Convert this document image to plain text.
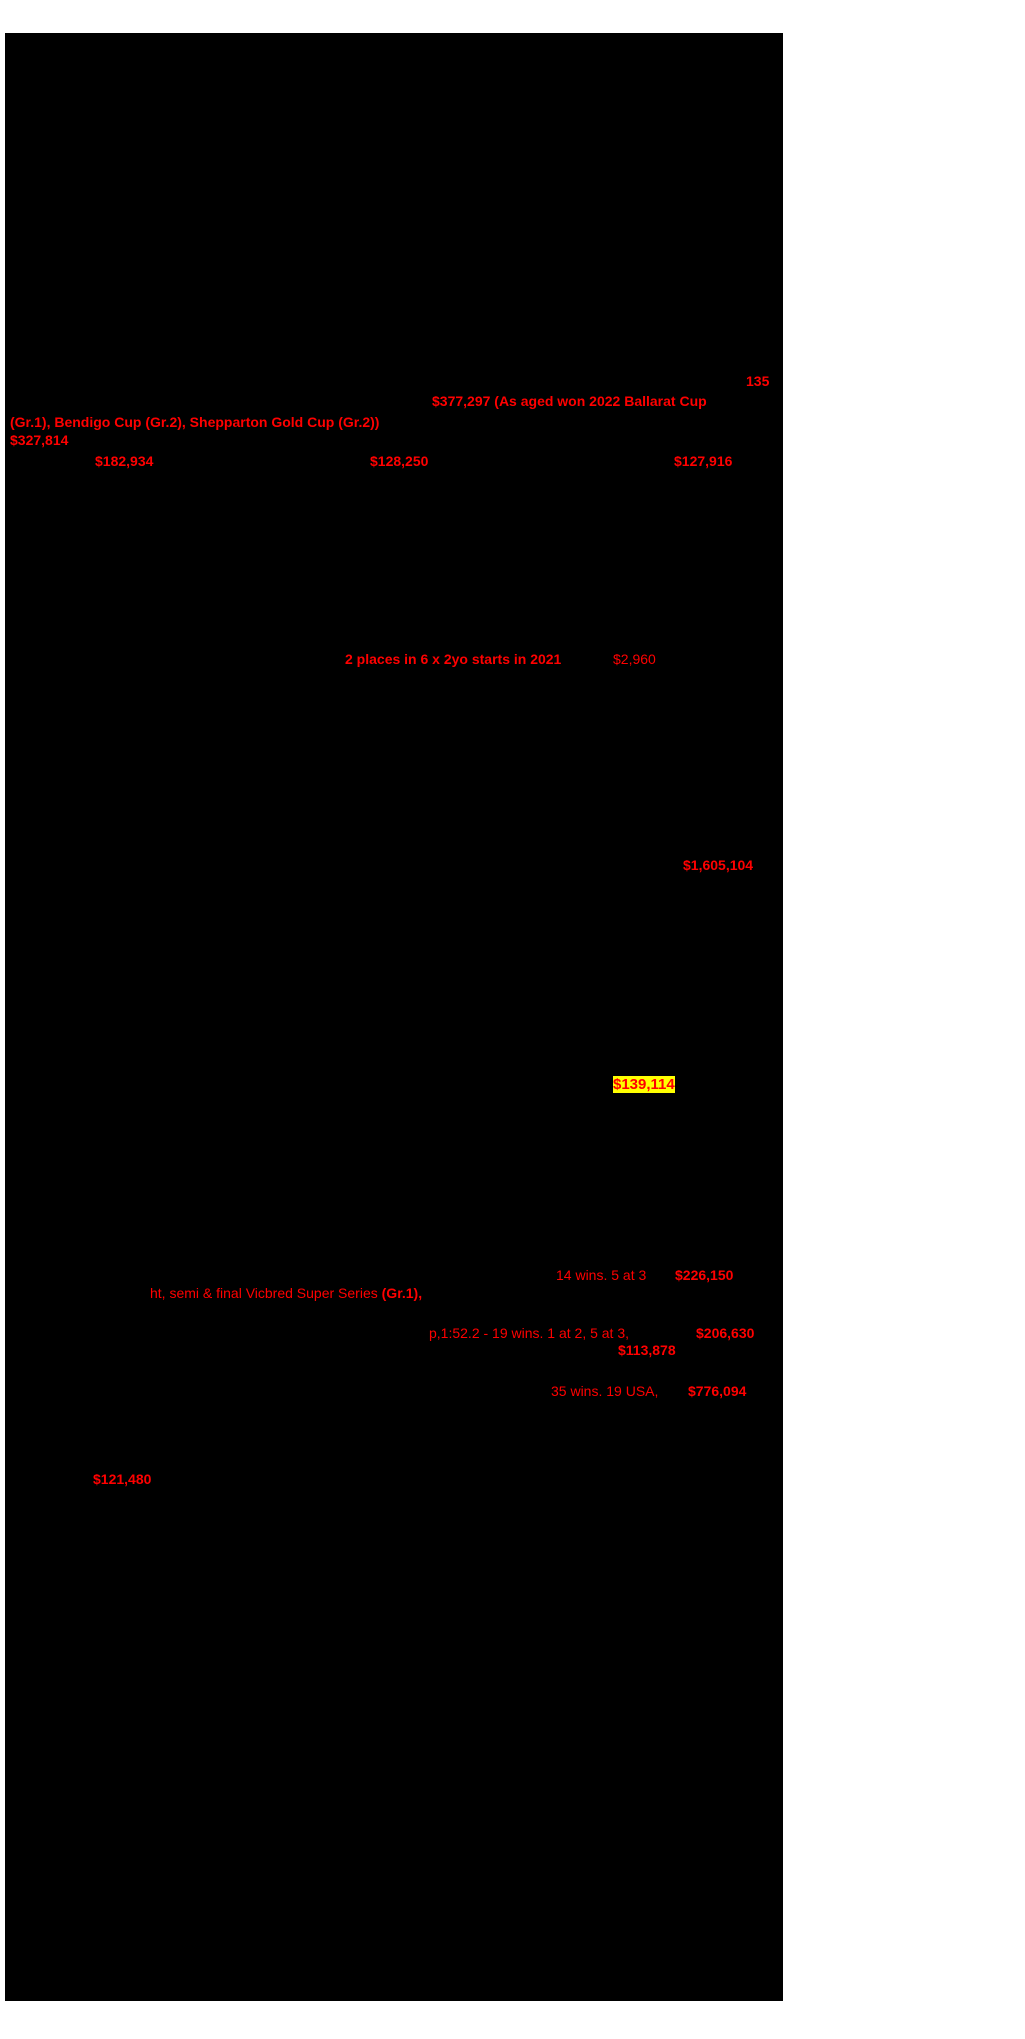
135
$377,297 (As aged won 2022 Ballarat Cup
(Gr.1), Bendigo Cup (Gr.2), Shepparton Gold Cup (Gr.2))
$327,814
$182,934	$128,250	$127,916
2 places in 6 x 2yo starts in 2021	$2,960
$1,605,104
$139,114
14 wins. 5 at 3 $226,150
ht, semi & final Vicbred Super Series (Gr.1),
p,1:52.2 - 19 wins. 1 at 2, 5 at 3,	$206,630
$113,878
35 wins. 19 USA, $776,094
$121,480
